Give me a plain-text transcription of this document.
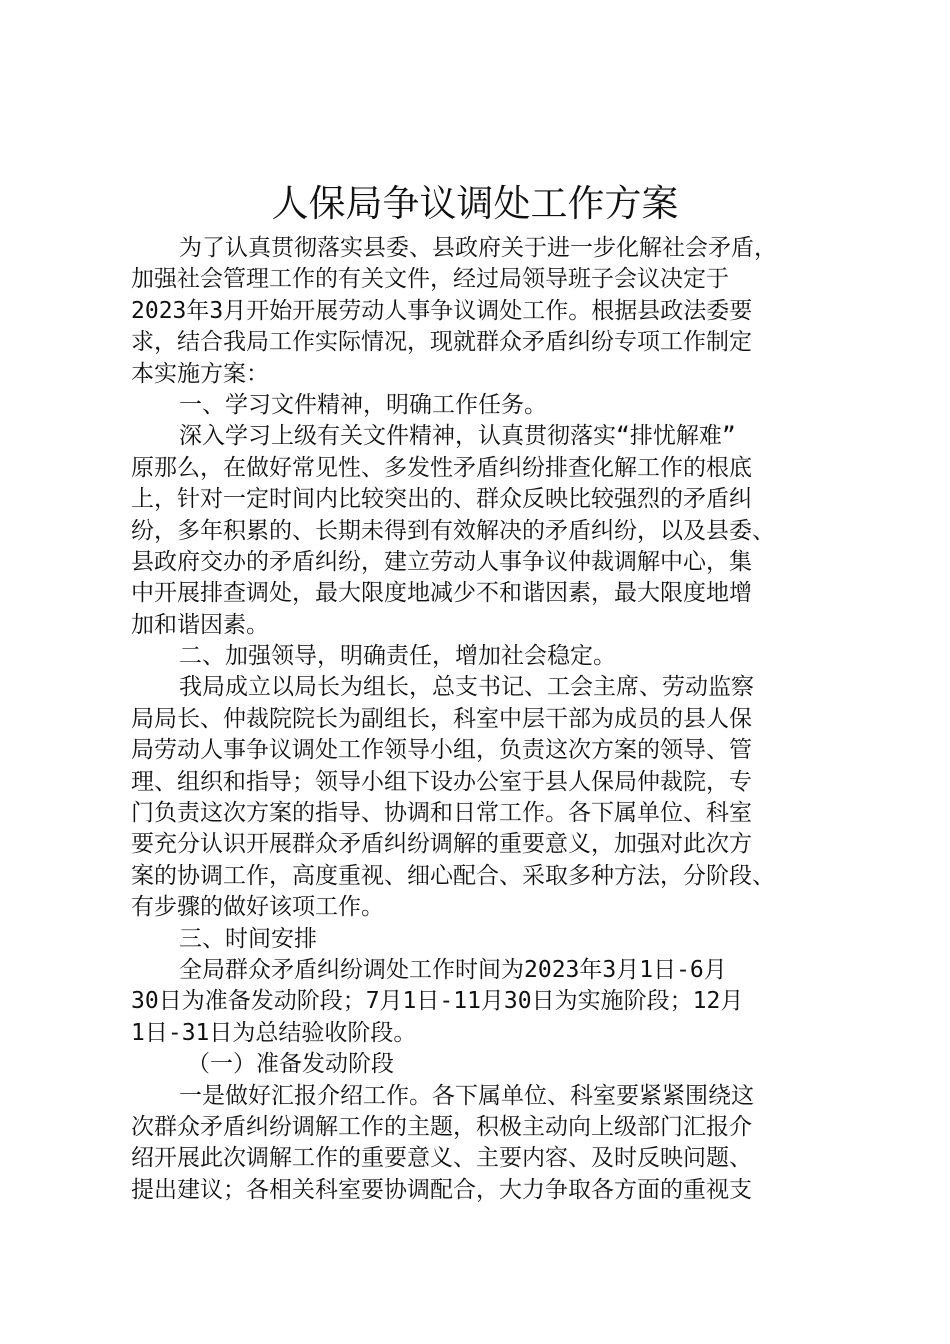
人保局争议调处工作方案
为了认真贯彻落实县委、县政府关于进一步化解社会矛盾，
加强社会管理工作的有关文件，经过局领导班子会议决定于
2023年3月开始开展劳动人事争议调处工作。根据县政法委要
求，结合我局工作实际情况，现就群众矛盾纠纷专项工作制定
本实施方案：
一、学习文件精神，明确工作任务。
深入学习上级有关文件精神，认真贯彻落实“排忧解难”
原那么，在做好常见性、多发性矛盾纠纷排查化解工作的根底
上，针对一定时间内比较突出的、群众反映比较强烈的矛盾纠
纷，多年积累的、长期未得到有效解决的矛盾纠纷，以及县委、
县政府交办的矛盾纠纷，建立劳动人事争议仲裁调解中心，集
中开展排查调处，最大限度地减少不和谐因素，最大限度地增
加和谐因素。
二、加强领导，明确责任，增加社会稳定。
我局成立以局长为组长，总支书记、工会主席、劳动监察
局局长、仲裁院院长为副组长，科室中层干部为成员的县人保
局劳动人事争议调处工作领导小组，负责这次方案的领导、管
理、组织和指导；领导小组下设办公室于县人保局仲裁院，专
门负责这次方案的指导、协调和日常工作。各下属单位、科室
要充分认识开展群众矛盾纠纷调解的重要意义，加强对此次方
案的协调工作，高度重视、细心配合、采取多种方法，分阶段、
有步骤的做好该项工作。
三、时间安排
全局群众矛盾纠纷调处工作时间为2023年3月1日-6月
30日为准备发动阶段；7月1日-11月30日为实施阶段；12月
1日-31日为总结验收阶段。
（一）准备发动阶段
一是做好汇报介绍工作。各下属单位、科室要紧紧围绕这
次群众矛盾纠纷调解工作的主题，积极主动向上级部门汇报介
绍开展此次调解工作的重要意义、主要内容、及时反映问题、
提出建议；各相关科室要协调配合，大力争取各方面的重视支
